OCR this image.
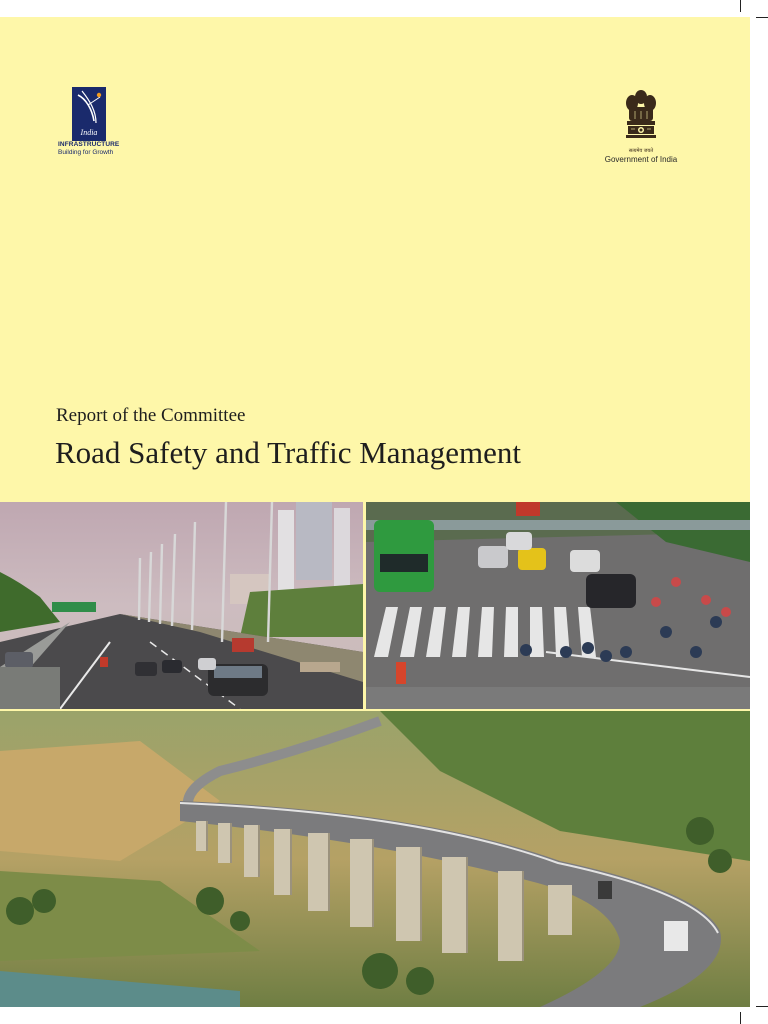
India
INFRASTRUCTURE
Building for Growth	सत्यमेव जयते
Government of India
Report of the Committee
Road Safety and Traffic Management
